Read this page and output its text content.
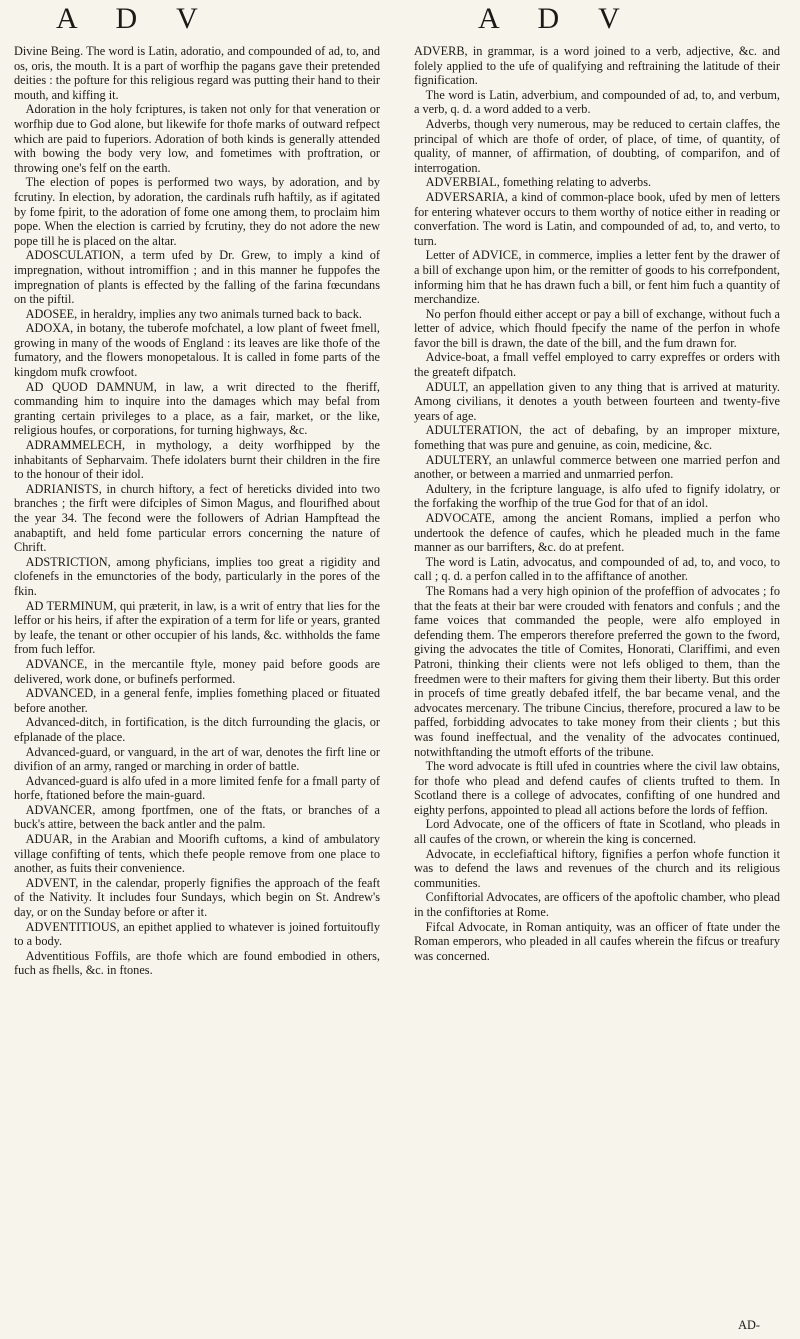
A D V	A D V

Divine Being. The word is Latin, adoratio, and compounded of ad, to, and os, oris, the mouth. It is a part of worfhip the pagans gave their pretended deities : the pofture for this religious regard was putting their hand to their mouth, and kiffing it.

Adoration in the holy fcriptures, is taken not only for that veneration or worfhip due to God alone, but likewife for thofe marks of outward refpect which are paid to fuperiors. Adoration of both kinds is generally attended with bowing the body very low, and fometimes with proftration, or throwing one's felf on the earth.

The election of popes is performed two ways, by adoration, and by fcrutiny. In election, by adoration, the cardinals rufh haftily, as if agitated by fome fpirit, to the adoration of fome one among them, to proclaim him pope. When the election is carried by fcrutiny, they do not adore the new pope till he is placed on the altar.

ADOSCULATION, a term ufed by Dr. Grew, to imply a kind of impregnation, without intromiffion ; and in this manner he fuppofes the impregnation of plants is effected by the falling of the farina fœcundans on the piftil.

ADOSEE, in heraldry, implies any two animals turned back to back.

ADOXA, in botany, the tuberofe mofchatel, a low plant of fweet fmell, growing in many of the woods of England : its leaves are like thofe of the fumatory, and the flowers monopetalous. It is called in fome parts of the kingdom mufk crowfoot.

AD QUOD DAMNUM, in law, a writ directed to the fheriff, commanding him to inquire into the damages which may befal from granting certain privileges to a place, as a fair, market, or the like, religious houfes, or corporations, for turning highways, &c.

ADRAMMELECH, in mythology, a deity worfhipped by the inhabitants of Sepharvaim. Thefe idolaters burnt their children in the fire to the honour of their idol.

ADRIANISTS, in church hiftory, a fect of hereticks divided into two branches ; the firft were difciples of Simon Magus, and flourifhed about the year 34. The fecond were the followers of Adrian Hampftead the anabaptift, and held fome particular errors concerning the nature of Chrift.

ADSTRICTION, among phyficians, implies too great a rigidity and clofenefs in the emunctories of the body, particularly in the pores of the fkin.

AD TERMINUM, qui præterit, in law, is a writ of entry that lies for the leffor or his heirs, if after the expiration of a term for life or years, granted by leafe, the tenant or other occupier of his lands, &c. withholds the fame from fuch leffor.

ADVANCE, in the mercantile ftyle, money paid before goods are delivered, work done, or bufinefs performed.

ADVANCED, in a general fenfe, implies fomething placed or fituated before another.

Advanced-ditch, in fortification, is the ditch furrounding the glacis, or efplanade of the place.

Advanced-guard, or vanguard, in the art of war, denotes the firft line or divifion of an army, ranged or marching in order of battle.

Advanced-guard is alfo ufed in a more limited fenfe for a fmall party of horfe, ftationed before the main-guard.

ADVANCER, among fportfmen, one of the ftats, or branches of a buck's attire, between the back antler and the palm.

ADUAR, in the Arabian and Moorifh cuftoms, a kind of ambulatory village confifting of tents, which thefe people remove from one place to another, as fuits their convenience.

ADVENT, in the calendar, properly fignifies the approach of the feaft of the Nativity. It includes four Sundays, which begin on St. Andrew's day, or on the Sunday before or after it.

ADVENTITIOUS, an epithet applied to whatever is joined fortuitoufly to a body.

Adventitious Foffils, are thofe which are found embodied in others, fuch as fhells, &c. in ftones.

ADVERB, in grammar, is a word joined to a verb, adjective, &c. and folely applied to the ufe of qualifying and reftraining the latitude of their fignification.

The word is Latin, adverbium, and compounded of ad, to, and verbum, a verb, q. d. a word added to a verb.

Adverbs, though very numerous, may be reduced to certain claffes, the principal of which are thofe of order, of place, of time, of quantity, of quality, of manner, of affirmation, of doubting, of comparifon, and of interrogation.

ADVERBIAL, fomething relating to adverbs.

ADVERSARIA, a kind of common-place book, ufed by men of letters for entering whatever occurs to them worthy of notice either in reading or converfation. The word is Latin, and compounded of ad, to, and verto, to turn.

Letter of ADVICE, in commerce, implies a letter fent by the drawer of a bill of exchange upon him, or the remitter of goods to his correfpondent, informing him that he has drawn fuch a bill, or fent him fuch a quantity of merchandize.

No perfon fhould either accept or pay a bill of exchange, without fuch a letter of advice, which fhould fpecify the name of the perfon in whofe favor the bill is drawn, the date of the bill, and the fum drawn for.

Advice-boat, a fmall veffel employed to carry expreffes or orders with the greateft difpatch.

ADULT, an appellation given to any thing that is arrived at maturity. Among civilians, it denotes a youth between fourteen and twenty-five years of age.

ADULTERATION, the act of debafing, by an improper mixture, fomething that was pure and genuine, as coin, medicine, &c.

ADULTERY, an unlawful commerce between one married perfon and another, or between a married and unmarried perfon.

Adultery, in the fcripture language, is alfo ufed to fignify idolatry, or the forfaking the worfhip of the true God for that of an idol.

ADVOCATE, among the ancient Romans, implied a perfon who undertook the defence of caufes, which he pleaded much in the fame manner as our barrifters, &c. do at prefent.

The word is Latin, advocatus, and compounded of ad, to, and voco, to call ; q. d. a perfon called in to the affiftance of another.

The Romans had a very high opinion of the profeffion of advocates ; fo that the feats at their bar were crouded with fenators and confuls ; and the fame voices that commanded the people, were alfo employed in defending them. The emperors therefore preferred the gown to the fword, giving the advocates the title of Comites, Honorati, Clariffimi, and even Patroni, thinking their clients were not lefs obliged to them, than the freedmen were to their mafters for giving them their liberty. But this order in procefs of time greatly debafed itfelf, the bar became venal, and the advocates mercenary. The tribune Cincius, therefore, procured a law to be paffed, forbidding advocates to take money from their clients ; but this was found ineffectual, and the venality of the advocates continued, notwithftanding the utmoft efforts of the tribune.

The word advocate is ftill ufed in countries where the civil law obtains, for thofe who plead and defend caufes of clients trufted to them. In Scotland there is a college of advocates, confifting of one hundred and eighty perfons, appointed to plead all actions before the lords of feffion.

Lord Advocate, one of the officers of ftate in Scotland, who pleads in all caufes of the crown, or wherein the king is concerned.

Advocate, in ecclefiaftical hiftory, fignifies a perfon whofe function it was to defend the laws and revenues of the church and its religious communities.

Confiftorial Advocates, are officers of the apoftolic chamber, who plead in the confiftories at Rome.

Fifcal Advocate, in Roman antiquity, was an officer of ftate under the Roman emperors, who pleaded in all caufes wherein the fifcus or treafury was concerned.

AD-
